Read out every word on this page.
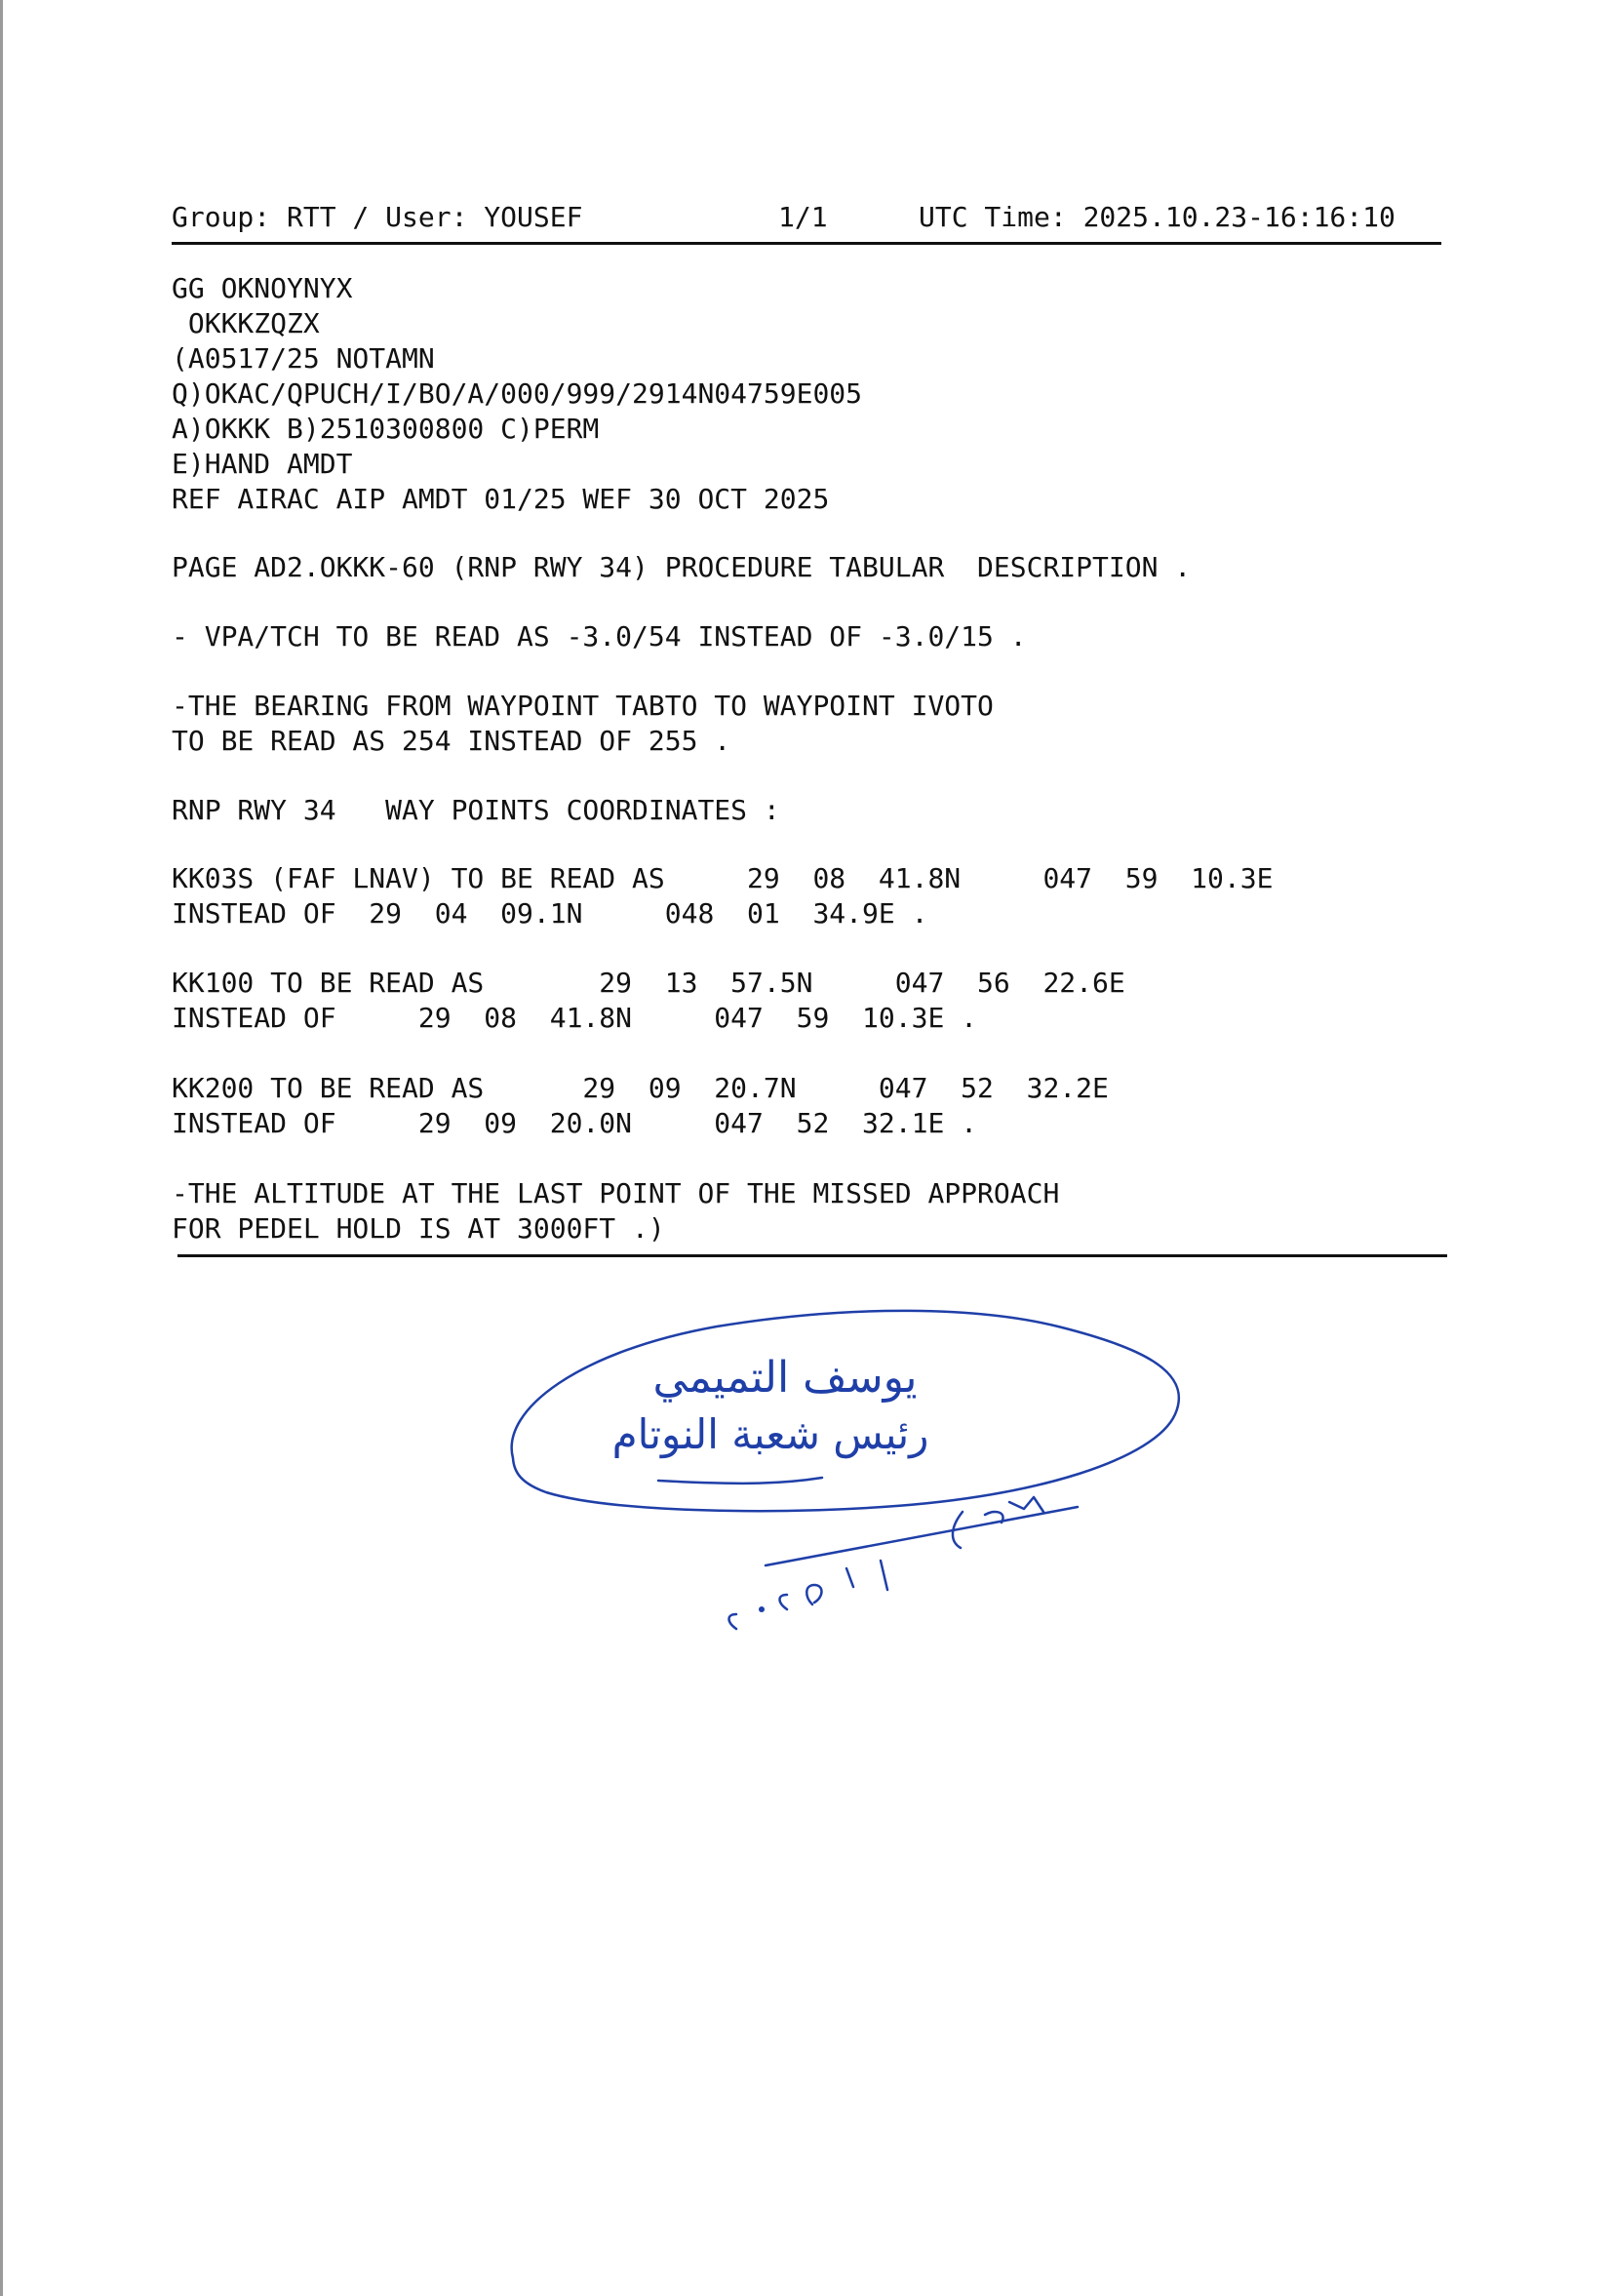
Group: RTT / User: YOUSEF

	1/1

	UTC Time: 2025.10.23-16:16:10

GG OKNOYNYX
OKKKZQZX
(A0517/25 NOTAMN
Q)OKAC/QPUCH/I/BO/A/000/999/2914N04759E005
A)OKKK B)2510300800 C)PERM
E)HAND AMDT
REF AIRAC AIP AMDT 01/25 WEF 30 OCT 2025
PAGE AD2.OKKK-60 (RNP RWY 34) PROCEDURE TABULAR  DESCRIPTION .
- VPA/TCH TO BE READ AS -3.0/54 INSTEAD OF -3.0/15 .
-THE BEARING FROM WAYPOINT TABTO TO WAYPOINT IVOTO
TO BE READ AS 254 INSTEAD OF 255 .
RNP RWY 34   WAY POINTS COORDINATES :
KK03S (FAF LNAV) TO BE READ AS     29  08  41.8N     047  59  10.3E
INSTEAD OF  29  04  09.1N     048  01  34.9E .
KK100 TO BE READ AS       29  13  57.5N     047  56  22.6E
INSTEAD OF     29  08  41.8N     047  59  10.3E .
KK200 TO BE READ AS      29  09  20.7N     047  52  32.2E
INSTEAD OF     29  09  20.0N     047  52  32.1E .
-THE ALTITUDE AT THE LAST POINT OF THE MISSED APPROACH
FOR PEDEL HOLD IS AT 3000FT .)
يوسف التميمي
رئيس شعبة النوتام
